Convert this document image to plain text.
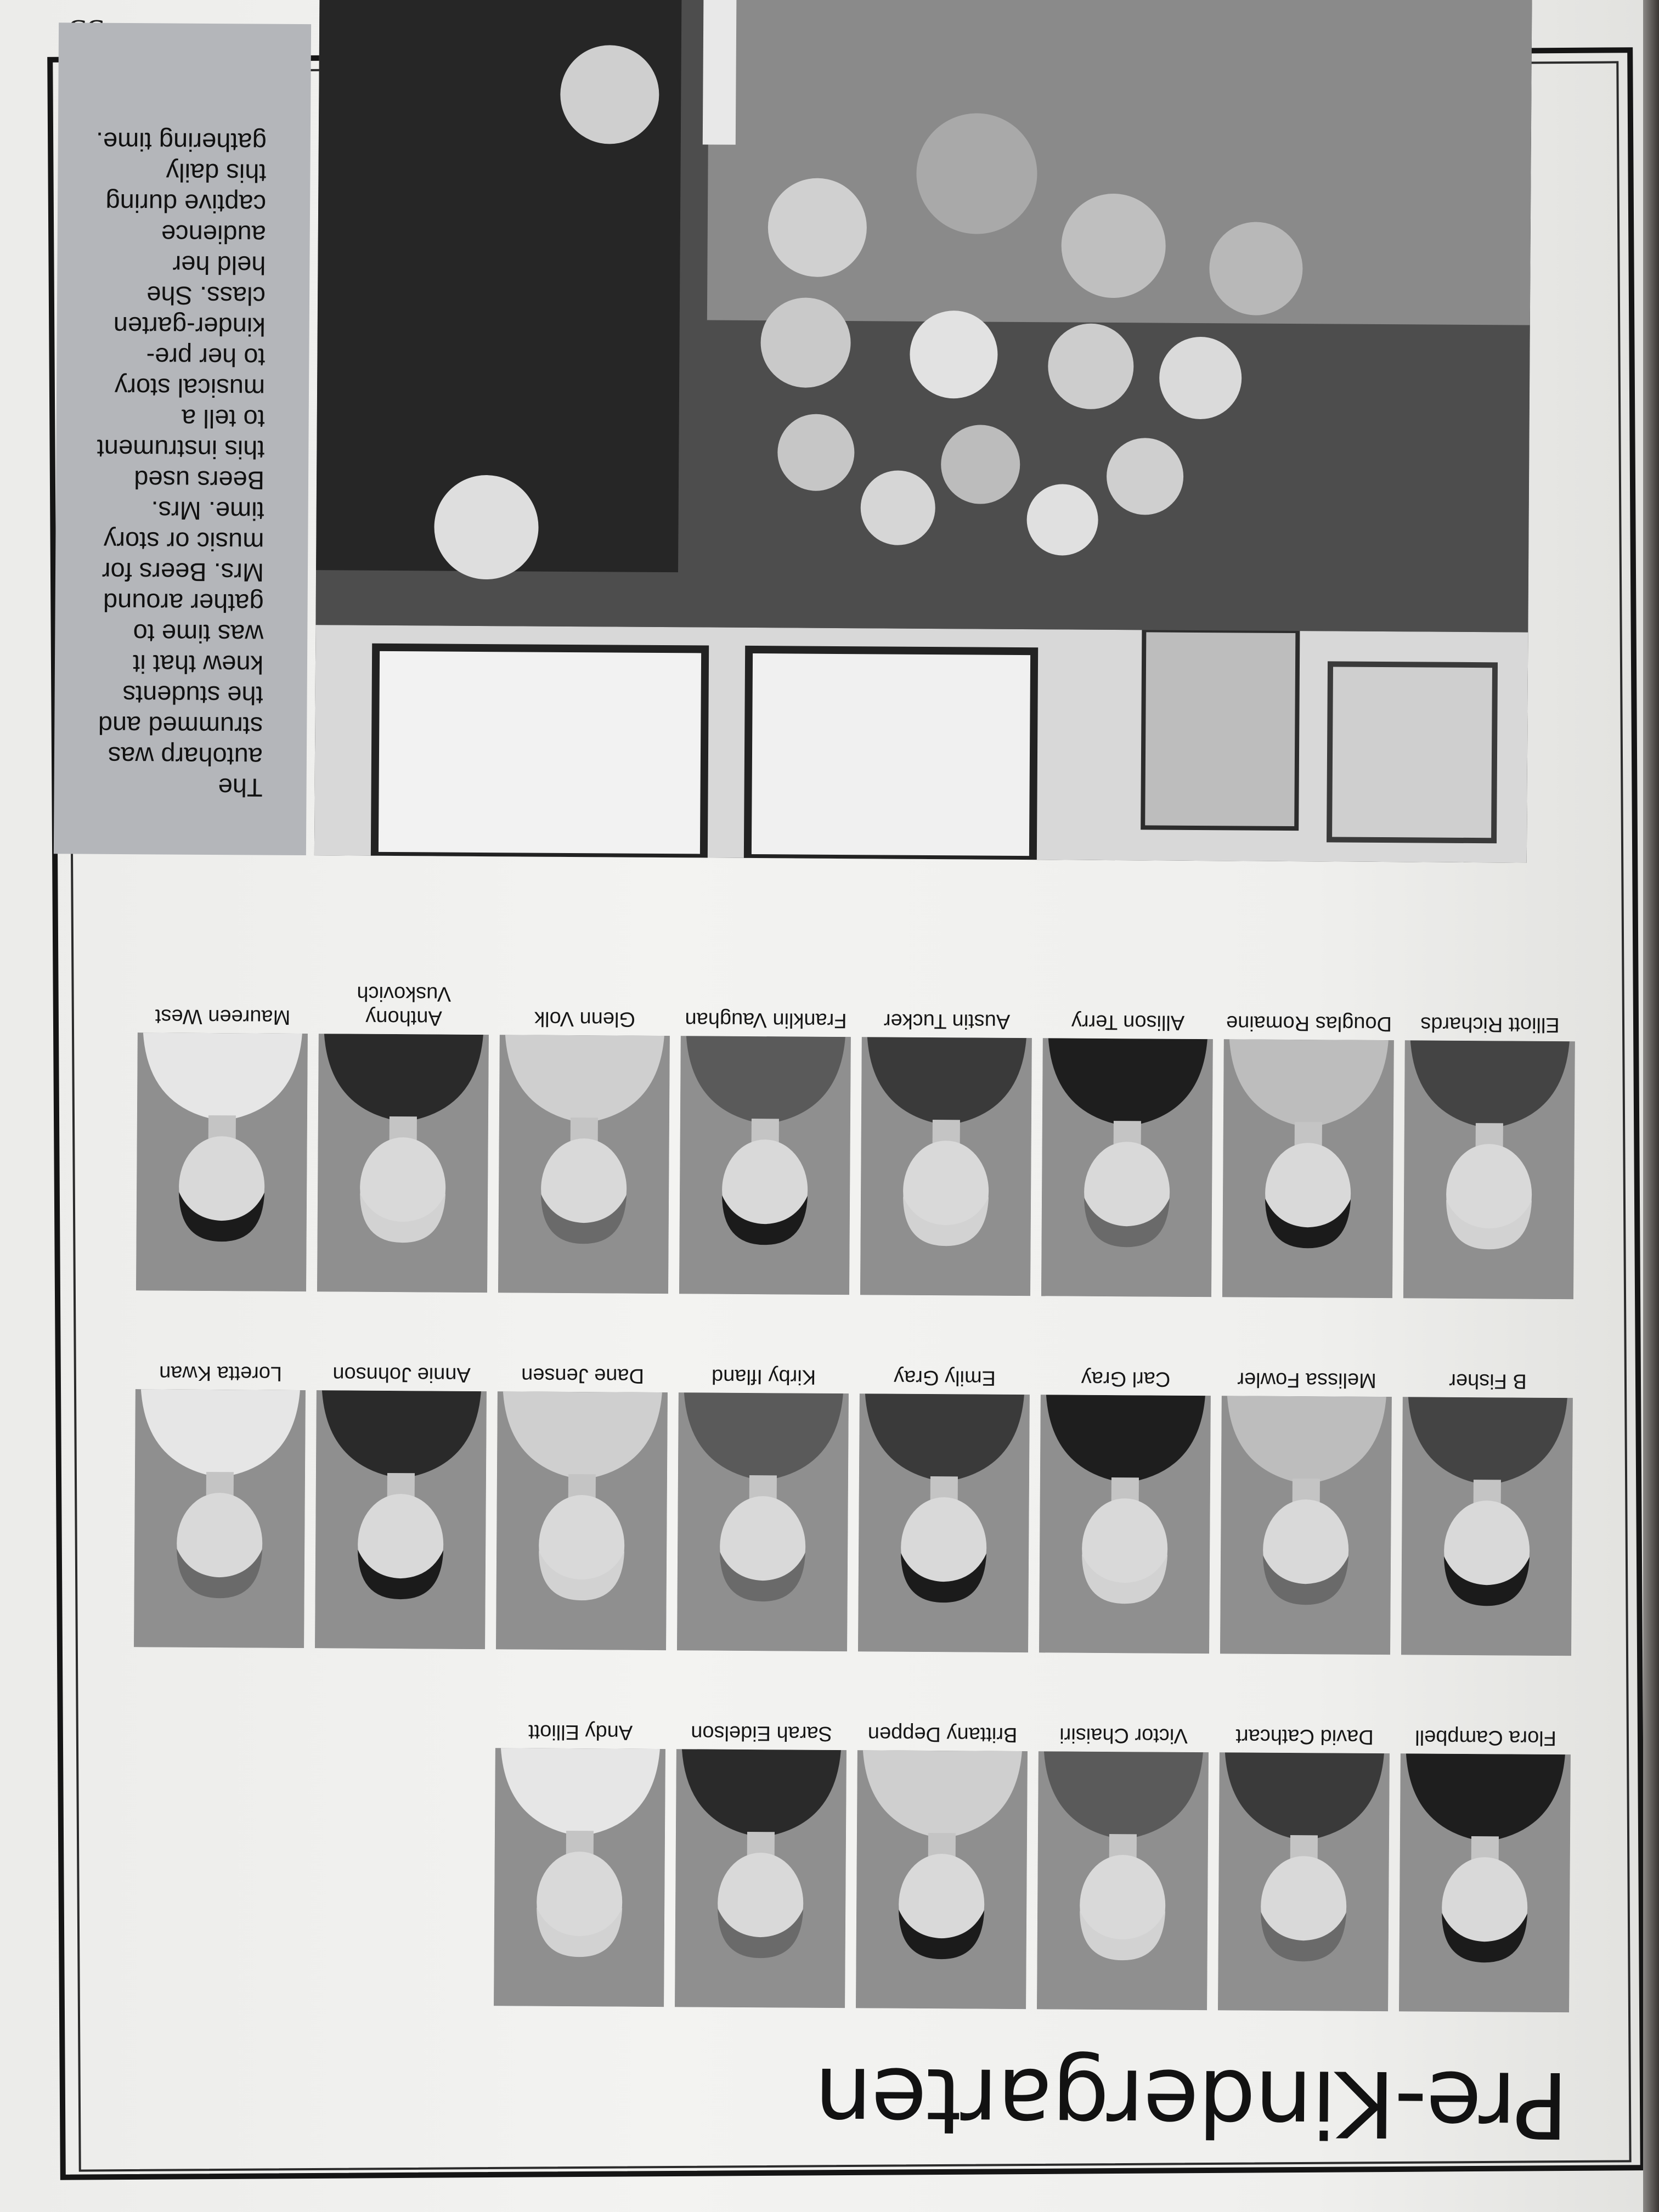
Pre-Kindergarten
Flora Campbell
David Cathcart
Victor Chaisiri
Brittany Deppen
Sarah Eidelson
Andy Elliott
B Fisher
Melissa Fowler
Carl Gray
Emily Gray
Kirby Ifland
Dane Jensen
Annie Johnson
Loretta Kwan
Elliott Richards
Douglas Romaine
Allison Terry
Austin Tucker
Franklin Vaughan
Glenn Volk
Anthony Vuskovich
Maureen West
The
autoharp was
strummed and
the students
knew that it
was time to
gather around
Mrs. Beers for
music or story
time. Mrs.
Beers used
this instrument
to tell a
musical story
to her pre-
kinder-garten
class. She
held her
audience
captive during
this daily
gathering time.
